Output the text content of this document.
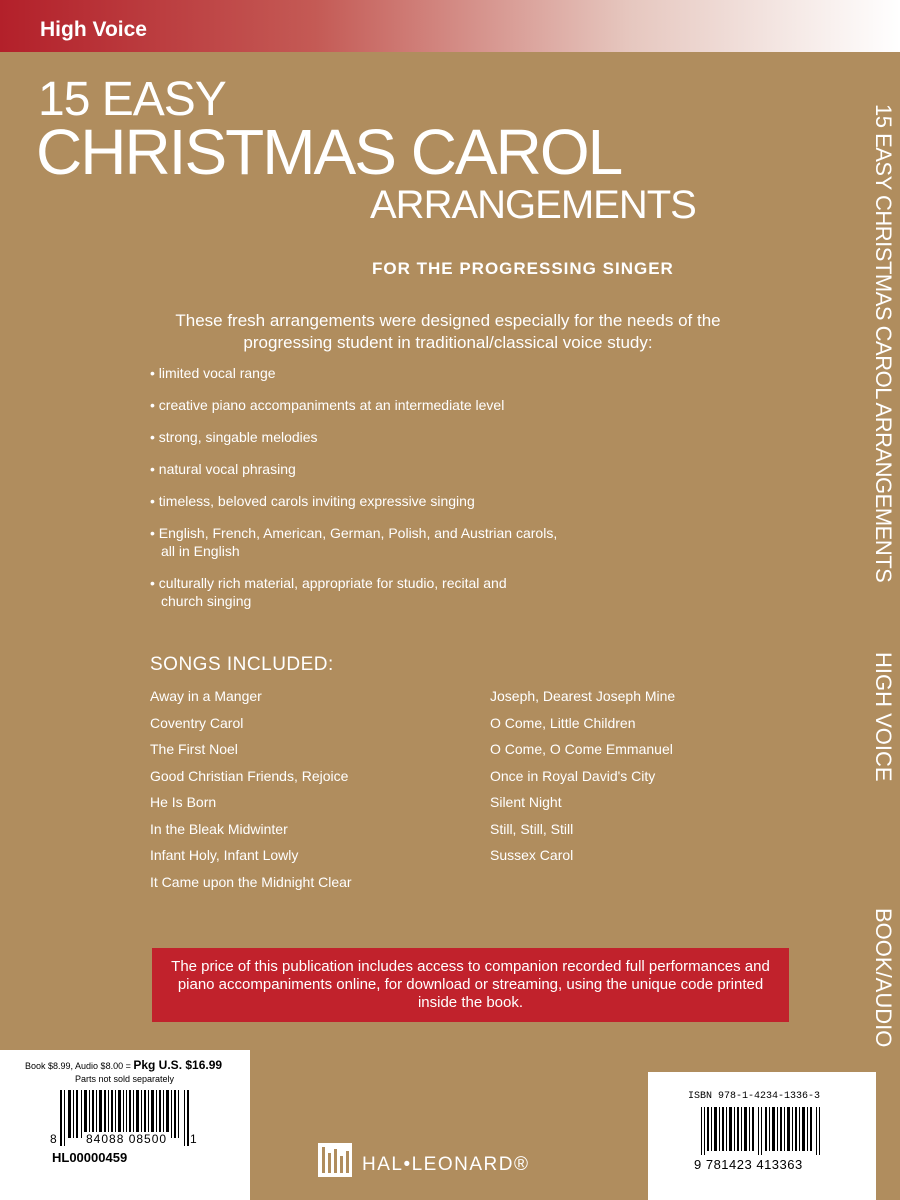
High Voice
15 EASY
CHRISTMAS CAROL
ARRANGEMENTS
FOR THE PROGRESSING SINGER
These fresh arrangements were designed especially for the needs of the progressing student in traditional/classical voice study:
• limited vocal range
• creative piano accompaniments at an intermediate level
• strong, singable melodies
• natural vocal phrasing
• timeless, beloved carols inviting expressive singing
• English, French, American, German, Polish, and Austrian carols,
all in English
• culturally rich material, appropriate for studio, recital and
church singing
SONGS INCLUDED:
Away in a Manger
Coventry Carol
The First Noel
Good Christian Friends, Rejoice
He Is Born
In the Bleak Midwinter
Infant Holy, Infant Lowly
It Came upon the Midnight Clear
Joseph, Dearest Joseph Mine
O Come, Little Children
O Come, O Come Emmanuel
Once in Royal David's City
Silent Night
Still, Still, Still
Sussex Carol
The price of this publication includes access to companion recorded full performances and piano accompaniments online, for download or streaming, using the unique code printed inside the book.
15 EASY CHRISTMAS CAROL ARRANGEMENTS
HIGH VOICE
BOOK/AUDIO
Book $8.99, Audio $8.00 = Pkg U.S. $16.99
Parts not sold separately
8 84088 08500 1
HL00000459	HAL•LEONARD®
ISBN 978-1-4234-1336-3
9 781423 413363
